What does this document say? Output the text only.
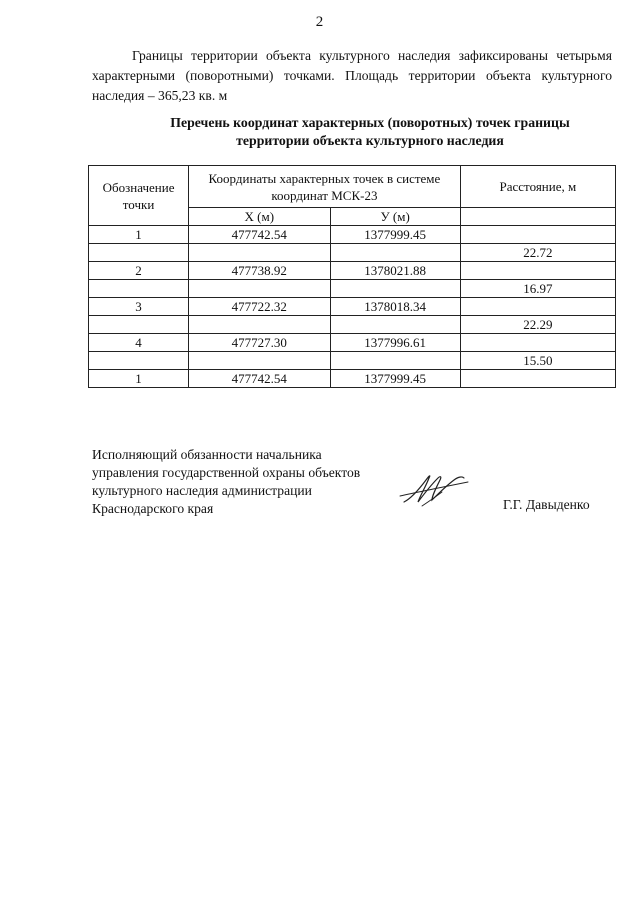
2

Границы территории объекта культурного наследия зафиксированы четырьмя характерными (поворотными) точками. Площадь территории объекта культурного наследия – 365,23 кв. м

Перечень координат характерных (поворотных) точек границы
территории объекта культурного наследия
Обозначение точки	Координаты характерных точек в системе координат МСК-23		Расстояние, м
	Х (м)	У (м)	
1	477742.54	1377999.45	
			22.72
2	477738.92	1378021.88	
			16.97
3	477722.32	1378018.34	
			22.29
4	477727.30	1377996.61	
			15.50
1	477742.54	1377999.45	
Исполняющий обязанности начальника
управления государственной охраны объектов
культурного наследия администрации
Краснодарского края	Г.Г. Давыденко
